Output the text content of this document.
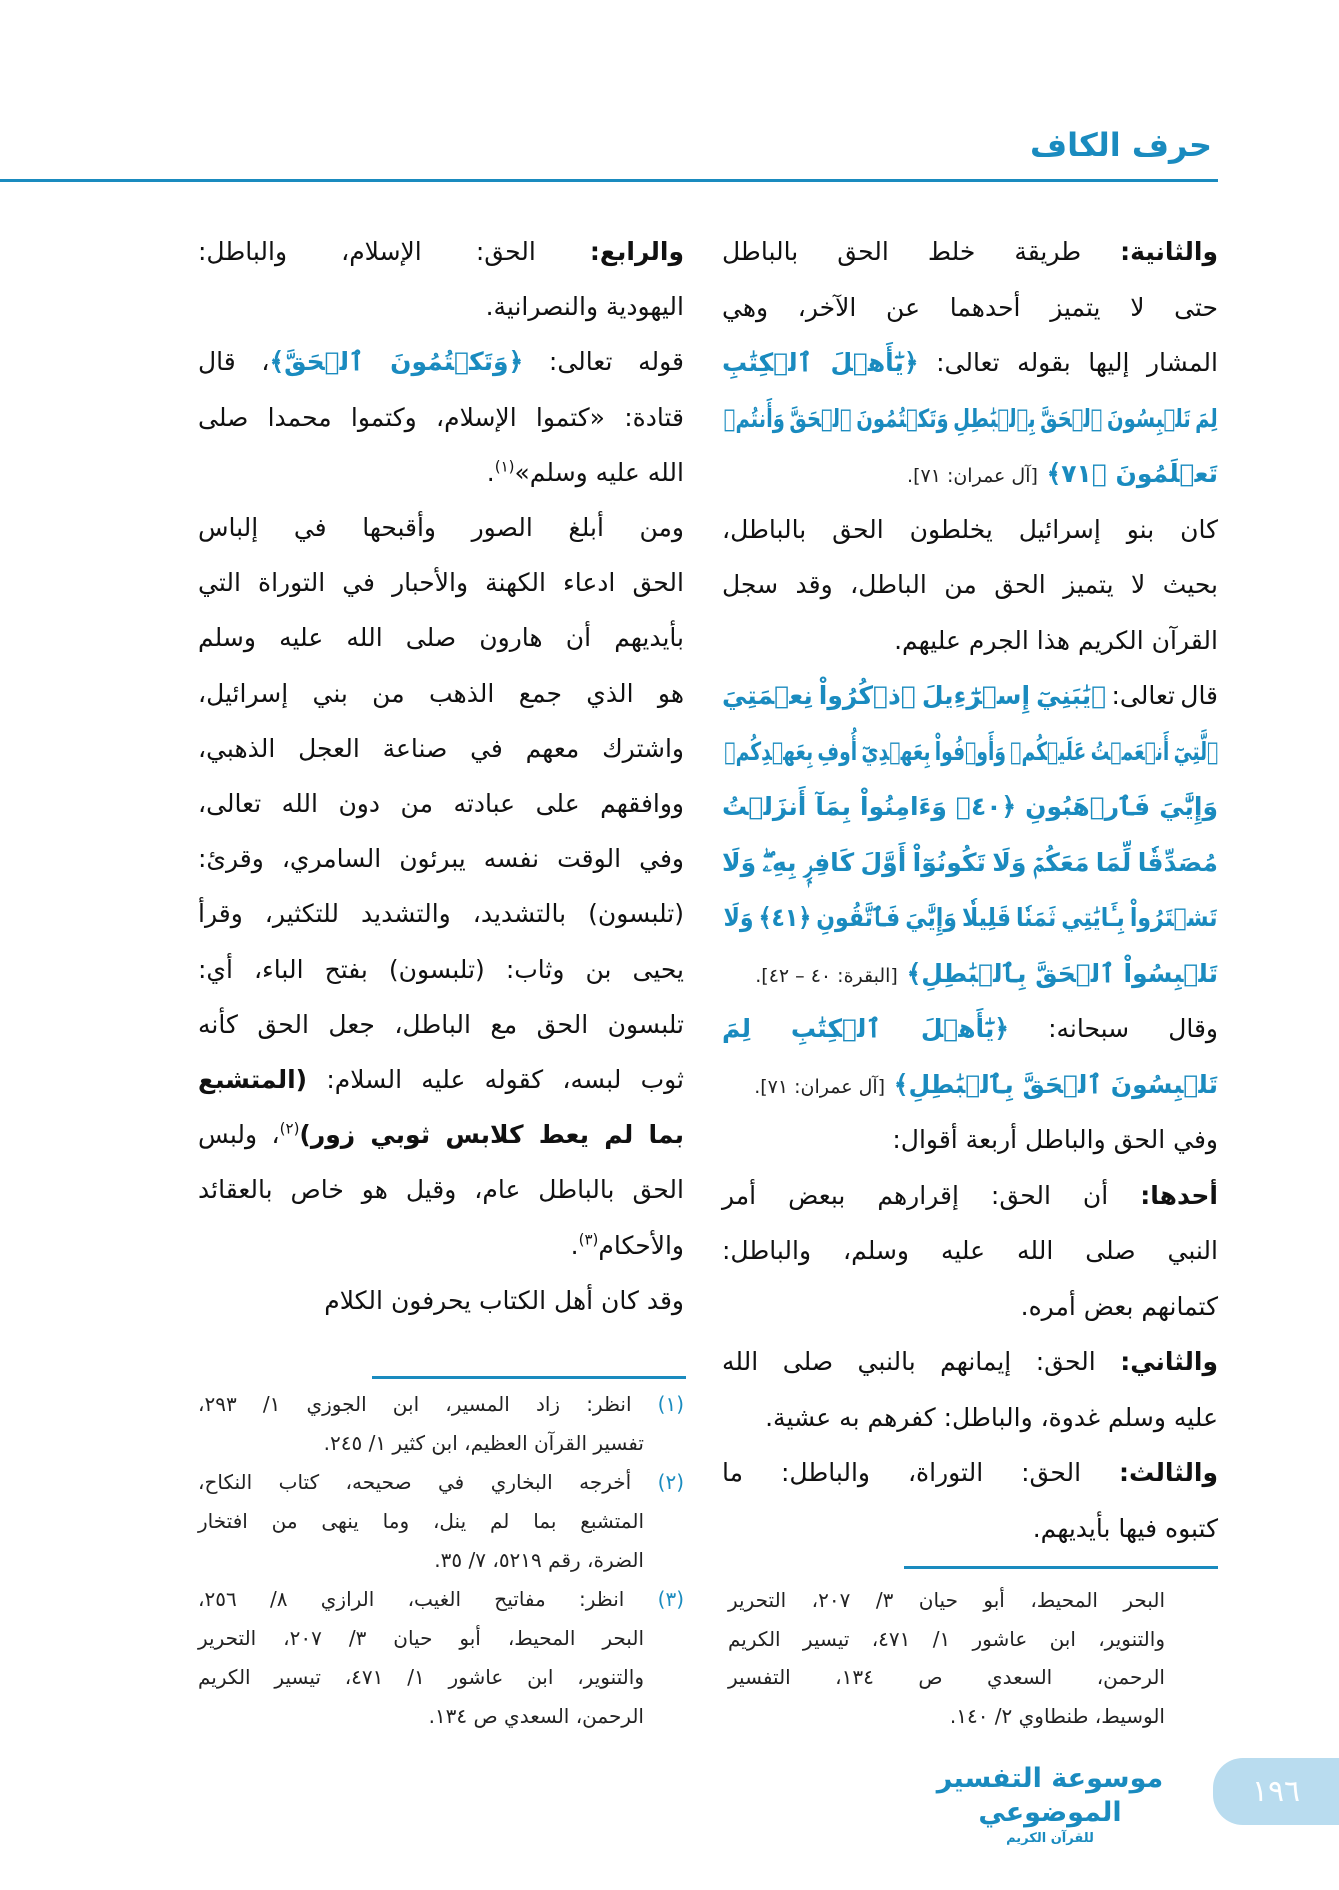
حرف الكاف
والثانية: طريقة خلط الحق بالباطل
حتى لا يتميز أحدهما عن الآخر، وهي
المشار إليها بقوله تعالى: ﴿يَٰٓأَهۡلَ ٱلۡكِتَٰبِ
لِمَ تَلۡبِسُونَ ٱلۡحَقَّ بِٱلۡبَٰطِلِ وَتَكۡتُمُونَ ٱلۡحَقَّ وَأَنتُمۡ
تَعۡلَمُونَ ﴿٧١﴾ [آل عمران: ٧١].
كان بنو إسرائيل يخلطون الحق بالباطل،
بحيث لا يتميز الحق من الباطل، وقد سجل
القرآن الكريم هذا الجرم عليهم.
قال تعالى: ﴿يَٰبَنِيٓ إِسۡرَٰٓءِيلَ ٱذۡكُرُواْ نِعۡمَتِيَ
ٱلَّتِيٓ أَنۡعَمۡتُ عَلَيۡكُمۡ وَأَوۡفُواْ بِعَهۡدِيٓ أُوفِ بِعَهۡدِكُمۡ
وَإِيَّٰيَ فَٱرۡهَبُونِ ﴿٤٠﴾ وَءَامِنُواْ بِمَآ أَنزَلۡتُ
مُصَدِّقٗا لِّمَا مَعَكُمۡ وَلَا تَكُونُوٓاْ أَوَّلَ كَافِرِۭ بِهِۦۖ وَلَا
تَشۡتَرُواْ بِـَٔايَٰتِي ثَمَنٗا قَلِيلٗا وَإِيَّٰيَ فَٱتَّقُونِ ﴿٤١﴾ وَلَا
تَلۡبِسُواْ ٱلۡحَقَّ بِٱلۡبَٰطِلِ﴾ [البقرة: ٤٠ – ٤٢].
وقال سبحانه: ﴿يَٰٓأَهۡلَ ٱلۡكِتَٰبِ لِمَ
تَلۡبِسُونَ ٱلۡحَقَّ بِٱلۡبَٰطِلِ﴾ [آل عمران: ٧١].
وفي الحق والباطل أربعة أقوال:
أحدها: أن الحق: إقرارهم ببعض أمر
النبي صلى الله عليه وسلم، والباطل:
كتمانهم بعض أمره.
والثاني: الحق: إيمانهم بالنبي صلى الله
عليه وسلم غدوة، والباطل: كفرهم به عشية.
والثالث: الحق: التوراة، والباطل: ما
كتبوه فيها بأيديهم.
والرابع: الحق: الإسلام، والباطل:
اليهودية والنصرانية.
قوله تعالى: ﴿وَتَكۡتُمُونَ ٱلۡحَقَّ﴾، قال
قتادة: «كتموا الإسلام، وكتموا محمدا صلى
الله عليه وسلم»$^{(١)}$.
ومن أبلغ الصور وأقبحها في إلباس
الحق ادعاء الكهنة والأحبار في التوراة التي
بأيديهم أن هارون صلى الله عليه وسلم
هو الذي جمع الذهب من بني إسرائيل،
واشترك معهم في صناعة العجل الذهبي،
ووافقهم على عبادته من دون الله تعالى،
وفي الوقت نفسه يبرئون السامري، وقرئ:
(تلبسون) بالتشديد، والتشديد للتكثير، وقرأ
يحيى بن وثاب: (تلبسون) بفتح الباء، أي:
تلبسون الحق مع الباطل، جعل الحق كأنه
ثوب لبسه، كقوله عليه السلام: (المتشبع
بما لم يعط كلابس ثوبي زور)$^{(٢)}$، ولبس
الحق بالباطل عام، وقيل هو خاص بالعقائد
والأحكام$^{(٣)}$.
وقد كان أهل الكتاب يحرفون الكلام
(١) انظر: زاد المسير، ابن الجوزي ١/ ٢٩٣،
تفسير القرآن العظيم، ابن كثير ١/ ٢٤٥.
(٢) أخرجه البخاري في صحيحه، كتاب النكاح،
المتشبع بما لم ينل، وما ينهى من افتخار
الضرة، رقم ٥٢١٩، ٧/ ٣٥.
(٣) انظر: مفاتيح الغيب، الرازي ٨/ ٢٥٦،
البحر المحيط، أبو حيان ٣/ ٢٠٧، التحرير
والتنوير، ابن عاشور ١/ ٤٧١، تيسير الكريم
الرحمن، السعدي ص ١٣٤.
البحر المحيط، أبو حيان ٣/ ٢٠٧، التحرير
والتنوير، ابن عاشور ١/ ٤٧١، تيسير الكريم
الرحمن، السعدي ص ١٣٤، التفسير
الوسيط، طنطاوي ٢/ ١٤٠.
موسوعة التفسير الموضوعي
للقرآن الكريم
١٩٦
